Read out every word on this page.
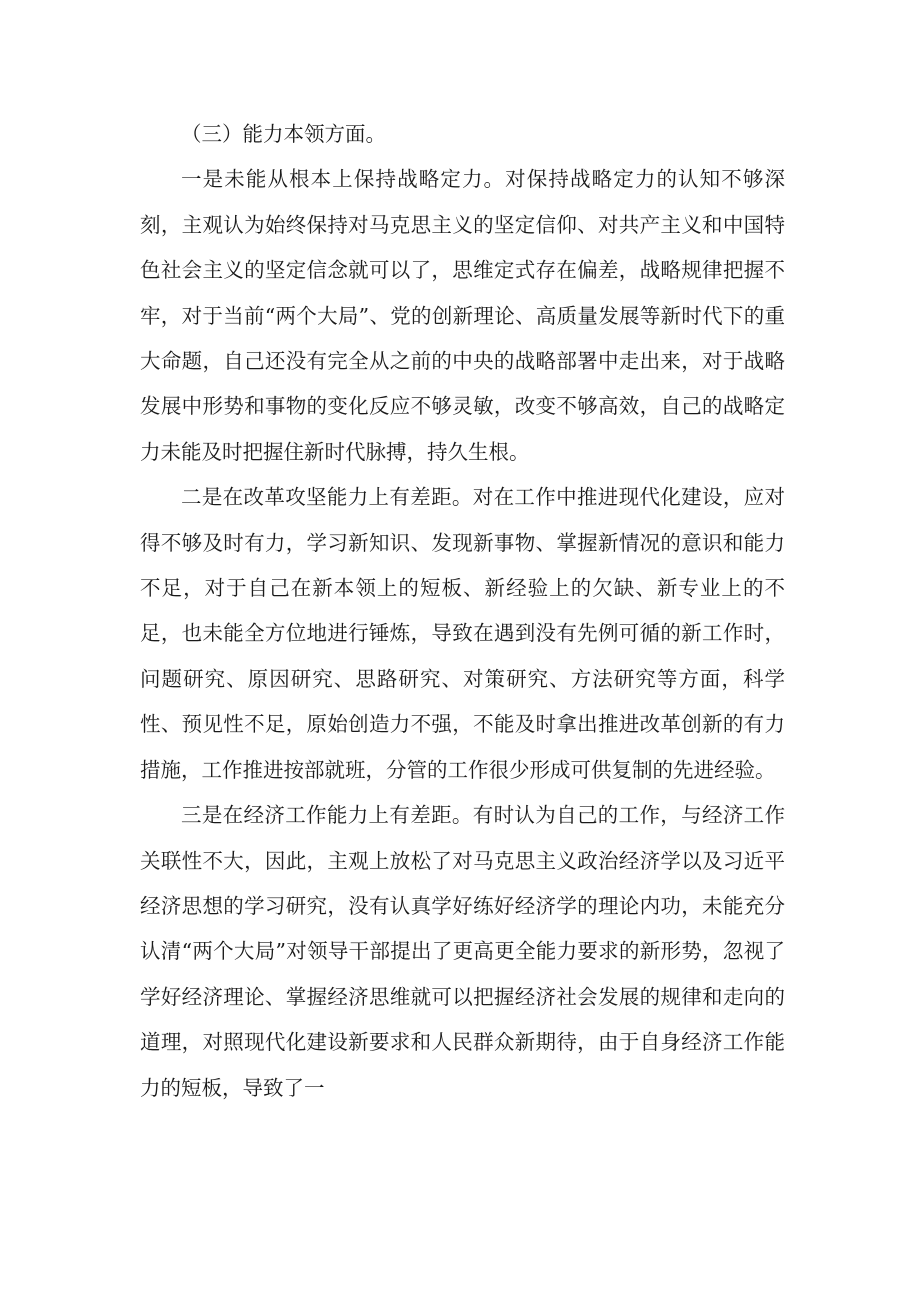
（三）能力本领方面。

一是未能从根本上保持战略定力。对保持战略定力的认知不够深刻，主观认为始终保持对马克思主义的坚定信仰、对共产主义和中国特色社会主义的坚定信念就可以了，思维定式存在偏差，战略规律把握不牢，对于当前“两个大局”、党的创新理论、高质量发展等新时代下的重大命题，自己还没有完全从之前的中央的战略部署中走出来，对于战略发展中形势和事物的变化反应不够灵敏，改变不够高效，自己的战略定力未能及时把握住新时代脉搏，持久生根。

二是在改革攻坚能力上有差距。对在工作中推进现代化建设，应对得不够及时有力，学习新知识、发现新事物、掌握新情况的意识和能力不足，对于自己在新本领上的短板、新经验上的欠缺、新专业上的不足，也未能全方位地进行锤炼，导致在遇到没有先例可循的新工作时，问题研究、原因研究、思路研究、对策研究、方法研究等方面，科学性、预见性不足，原始创造力不强，不能及时拿出推进改革创新的有力措施，工作推进按部就班，分管的工作很少形成可供复制的先进经验。

三是在经济工作能力上有差距。有时认为自己的工作，与经济工作关联性不大，因此，主观上放松了对马克思主义政治经济学以及习近平经济思想的学习研究，没有认真学好练好经济学的理论内功，未能充分认清“两个大局”对领导干部提出了更高更全能力要求的新形势，忽视了学好经济理论、掌握经济思维就可以把握经济社会发展的规律和走向的道理，对照现代化建设新要求和人民群众新期待，由于自身经济工作能力的短板，导致了一
